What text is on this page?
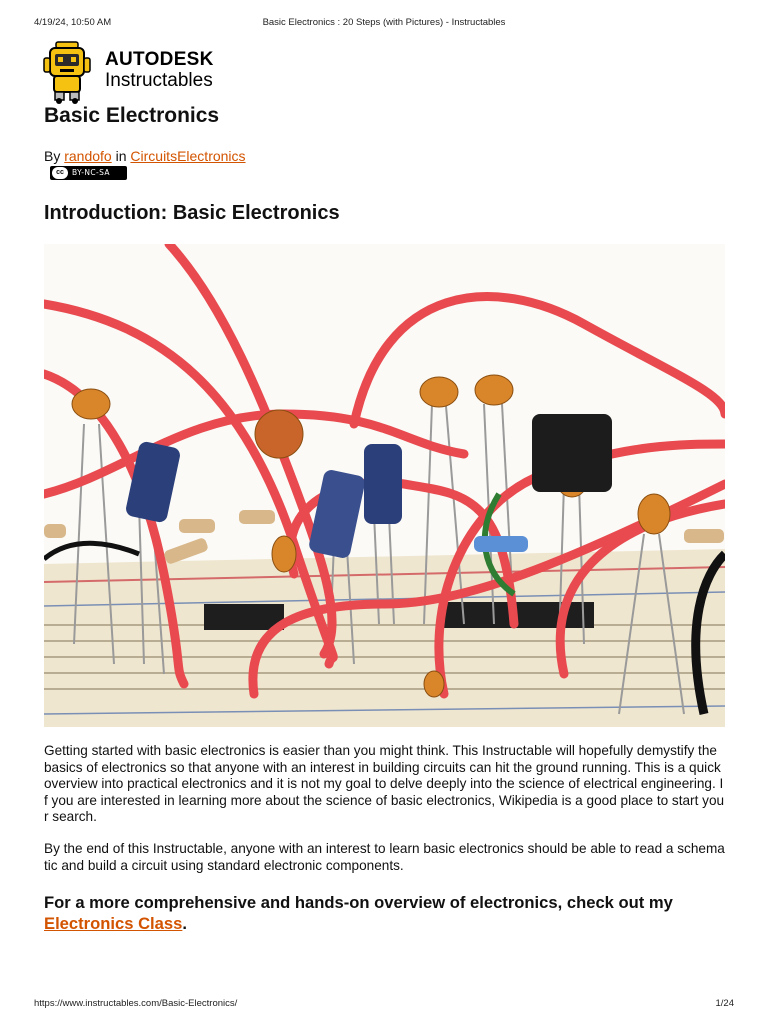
4/19/24, 10:50 AM	Basic Electronics : 20 Steps (with Pictures) - Instructables
AUTODESK
Instructables
Basic Electronics
By randofo in CircuitsElectronics
cc	BY-NC-SA
Introduction: Basic Electronics

Getting started with basic electronics is easier than you might think. This Instructable will hopefully demystify the basics of electronics so that anyone with an interest in building circuits can hit the ground running. This is a quick overview into practical electronics and it is not my goal to delve deeply into the science of electrical engineering. If you are interested in learning more about the science of basic electronics, Wikipedia is a good place to start your search.

By the end of this Instructable, anyone with an interest to learn basic electronics should be able to read a schematic and build a circuit using standard electronic components.

For a more comprehensive and hands-on overview of electronics, check out my Electronics Class.

https://www.instructables.com/Basic-Electronics/	1/24
